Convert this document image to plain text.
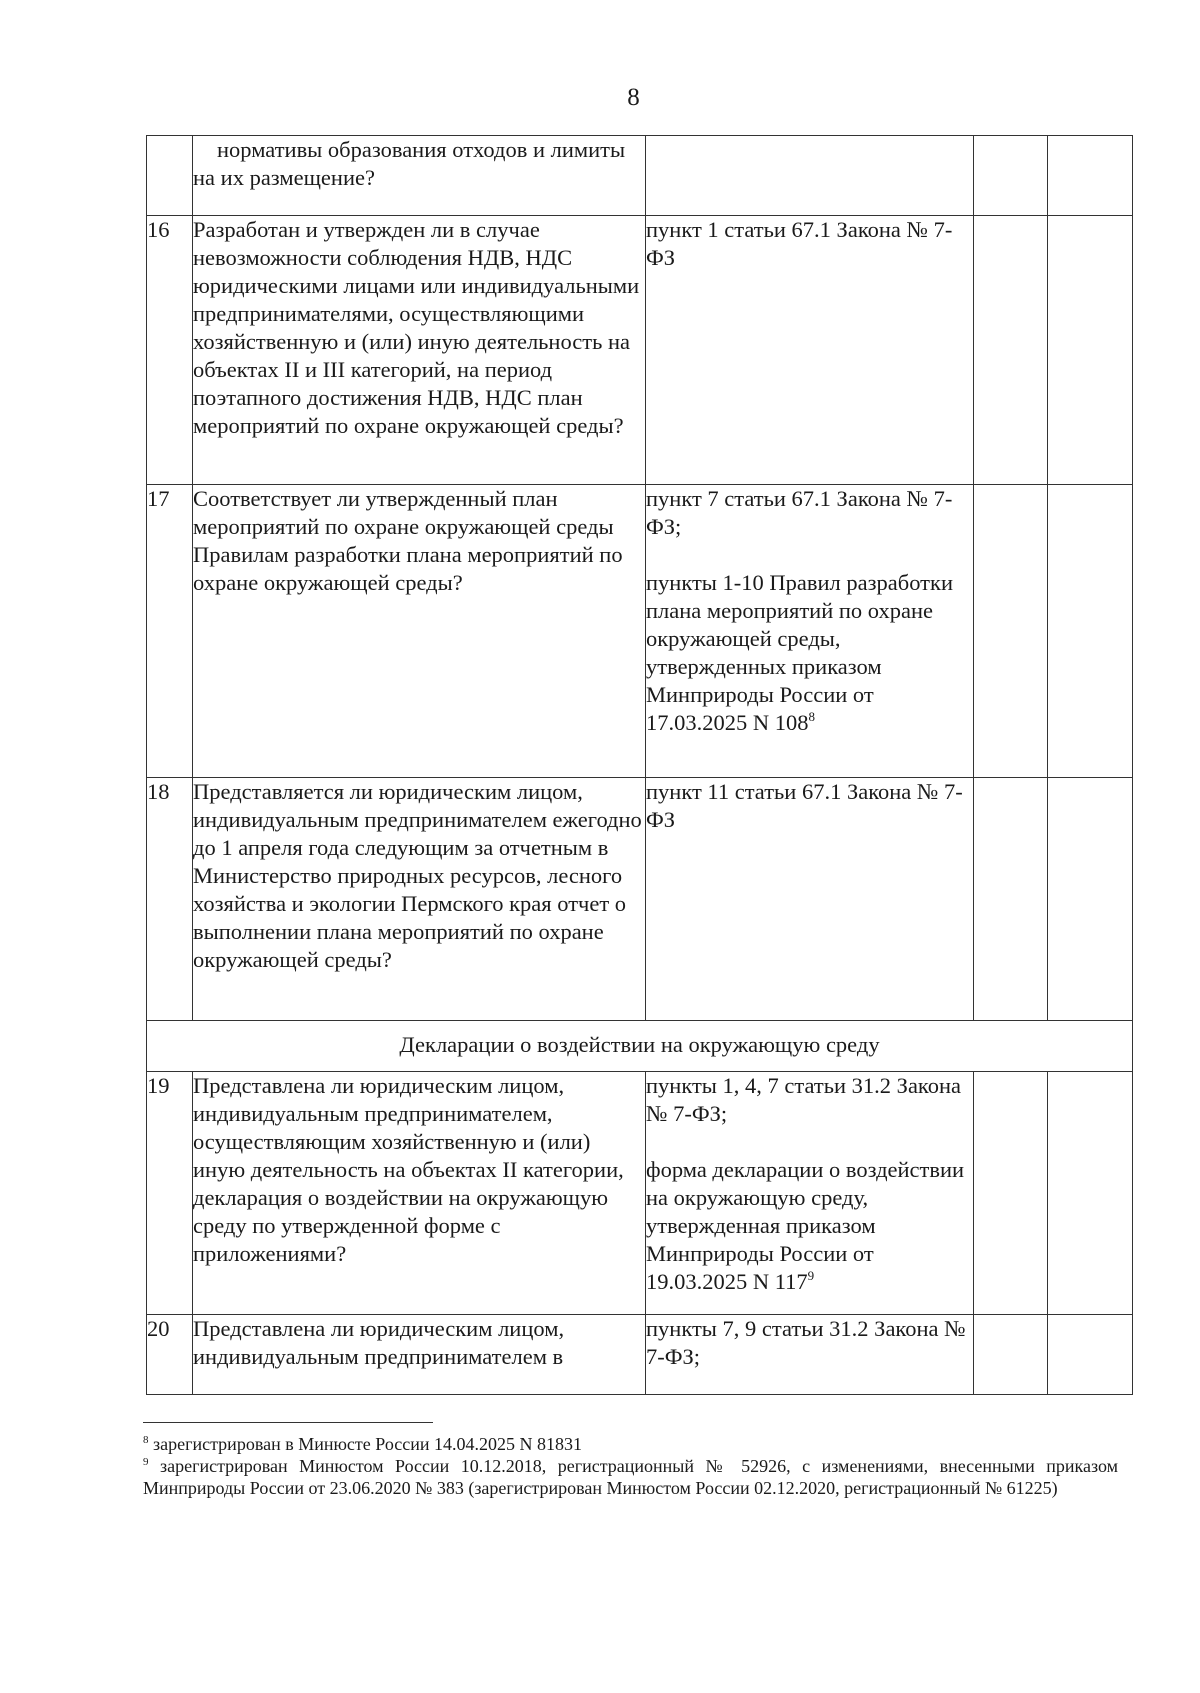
8
	нормативы образования отходов и лимиты на их размещение?			
16	Разработан и утвержден ли в случае невозможности соблюдения НДВ, НДС юридическими лицами или индивидуальными предпринимателями, осуществляющими хозяйственную и (или) иную деятельность на объектах II и III категорий, на период поэтапного достижения НДВ, НДС план мероприятий по охране окружающей среды?	пункт 1 статьи 67.1 Закона № 7-ФЗ		

17	Соответствует ли утвержденный план мероприятий по охране окружающей среды Правилам разработки плана мероприятий по охране окружающей среды?	пункт 7 статьи 67.1 Закона № 7-ФЗ;

пункты 1-10 Правил разработки плана мероприятий по охране окружающей среды, утвержденных приказом Минприроды России от 17.03.2025 N $108^8$

18	Представляется ли юридическим лицом, индивидуальным предпринимателем ежегодно до 1 апреля года следующим за отчетным в Министерство природных ресурсов, лесного хозяйства и экологии Пермского края отчет о выполнении плана мероприятий по охране окружающей среды?	пункт 11 статьи 67.1 Закона № 7-ФЗ		

Декларации о воздействии на окружающую среду				
19	Представлена ли юридическим лицом, индивидуальным предпринимателем, осуществляющим хозяйственную и (или) иную деятельность на объектах II категории, декларация о воздействии на окружающую среду по утвержденной форме с приложениями?	пункты 1, 4, 7 статьи 31.2 Закона № 7-ФЗ;

форма декларации о воздействии на окружающую среду, утвержденная приказом Минприроды России от 19.03.2025 N $117^9$

20	Представлена ли юридическим лицом, индивидуальным предпринимателем в	пункты 7, 9 статьи 31.2 Закона № 7-ФЗ;		

$^8$ зарегистрирован в Минюсте России 14.04.2025 N 81831

$^9$ зарегистрирован Минюстом России 10.12.2018, регистрационный № 52926, с изменениями, внесенными приказом Минприроды России от 23.06.2020 № 383 (зарегистрирован Минюстом России 02.12.2020, регистрационный № 61225)
